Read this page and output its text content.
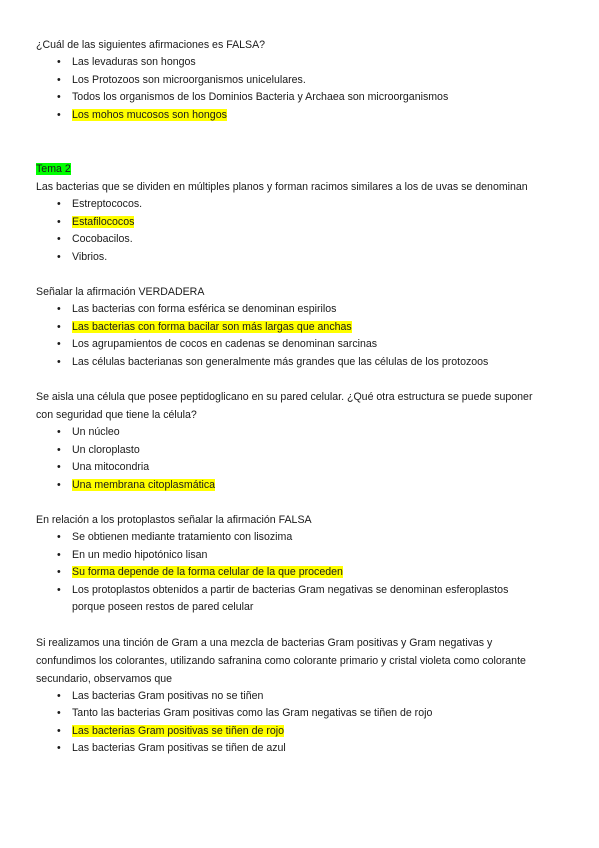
¿Cuál de las siguientes afirmaciones es FALSA?

• Las levaduras son hongos
• Los Protozoos son microorganismos unicelulares.
• Todos los organismos de los Dominios Bacteria y Archaea son microorganismos
• Los mohos mucosos son hongos

Tema 2

Las bacterias que se dividen en múltiples planos y forman racimos similares a los de uvas se denominan

• Estreptococos.
• Estafilococos
• Cocobacilos.
• Vibrios.

Señalar la afirmación VERDADERA

• Las bacterias con forma esférica se denominan espirilos
• Las bacterias con forma bacilar son más largas que anchas
• Los agrupamientos de cocos en cadenas se denominan sarcinas
• Las células bacterianas son generalmente más grandes que las células de los protozoos

Se aisla una célula que posee peptidoglicano en su pared celular. ¿Qué otra estructura se puede suponer

con seguridad que tiene la célula?

• Un núcleo
• Un cloroplasto
• Una mitocondria
• Una membrana citoplasmática

En relación a los protoplastos señalar la afirmación FALSA

• Se obtienen mediante tratamiento con lisozima
• En un medio hipotónico lisan
• Su forma depende de la forma celular de la que proceden
• Los protoplastos obtenidos a partir de bacterias Gram negativas se denominan esferoplastos
porque poseen restos de pared celular

Si realizamos una tinción de Gram a una mezcla de bacterias Gram positivas y Gram negativas y

confundimos los colorantes, utilizando safranina como colorante primario y cristal violeta como colorante

secundario, observamos que

• Las bacterias Gram positivas no se tiñen
• Tanto las bacterias Gram positivas como las Gram negativas se tiñen de rojo
• Las bacterias Gram positivas se tiñen de rojo
• Las bacterias Gram positivas se tiñen de azul
